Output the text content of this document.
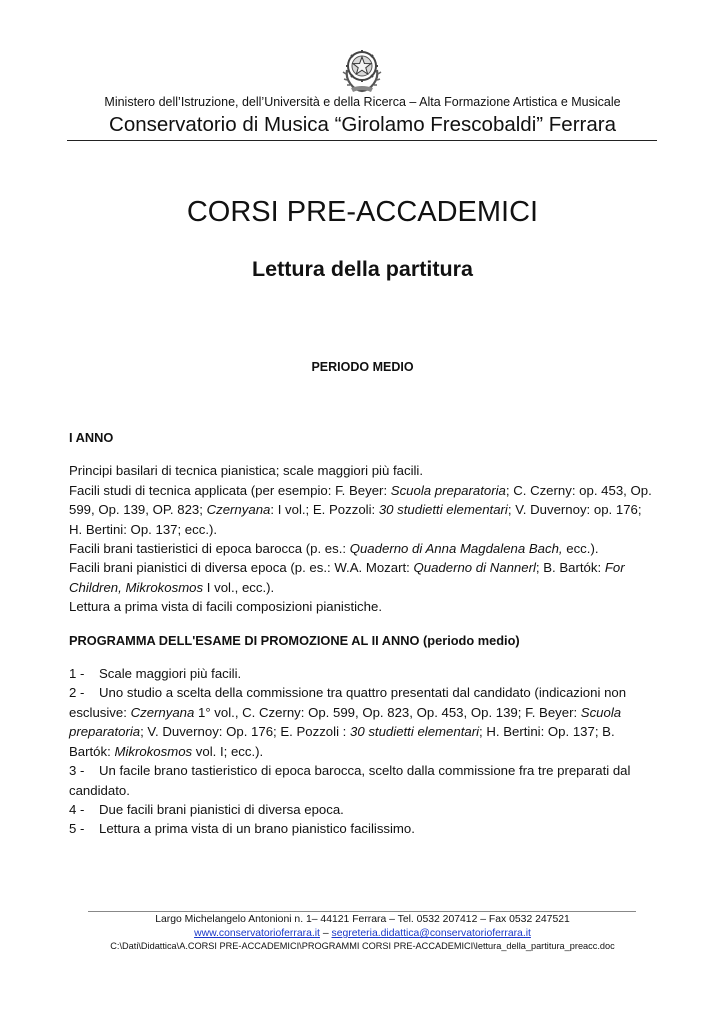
Ministero dell’Istruzione, dell’Università e della Ricerca – Alta Formazione Artistica e Musicale
Conservatorio di Musica “Girolamo Frescobaldi” Ferrara
CORSI PRE-ACCADEMICI
Lettura della partitura
PERIODO MEDIO

I ANNO

Principi basilari di tecnica pianistica; scale maggiori più facili.

Facili studi di tecnica applicata (per esempio: F. Beyer: Scuola preparatoria; C. Czerny: op. 453, Op. 599, Op. 139, OP. 823; Czernyana: I vol.; E. Pozzoli: 30 studietti elementari; V. Duvernoy: op. 176; H. Bertini: Op. 137; ecc.).

Facili brani tastieristici di epoca barocca (p. es.: Quaderno di Anna Magdalena Bach, ecc.).

Facili brani pianistici di diversa epoca (p. es.: W.A. Mozart: Quaderno di Nannerl; B. Bartók: For Children, Mikrokosmos I vol., ecc.).

Lettura a prima vista di facili composizioni pianistiche.

PROGRAMMA DELL'ESAME DI PROMOZIONE AL II ANNO (periodo medio)

1 - Scale maggiori più facili.

2 - Uno studio a scelta della commissione tra quattro presentati dal candidato (indicazioni non esclusive: Czernyana 1° vol., C. Czerny: Op. 599, Op. 823, Op. 453, Op. 139; F. Beyer: Scuola preparatoria; V. Duvernoy: Op. 176; E. Pozzoli : 30 studietti elementari; H. Bertini: Op. 137; B. Bartók: Mikrokosmos vol. I; ecc.).

3 - Un facile brano tastieristico di epoca barocca, scelto dalla commissione fra tre preparati dal candidato.

4 - Due facili brani pianistici di diversa epoca.

5 - Lettura a prima vista di un brano pianistico facilissimo.

Largo Michelangelo Antonioni n. 1– 44121 Ferrara – Tel. 0532 207412 – Fax 0532 247521
www.conservatorioferrara.it – segreteria.didattica@conservatorioferrara.it
C:\Dati\Didattica\A.CORSI PRE-ACCADEMICI\PROGRAMMI CORSI PRE-ACCADEMICI\lettura_della_partitura_preacc.doc
